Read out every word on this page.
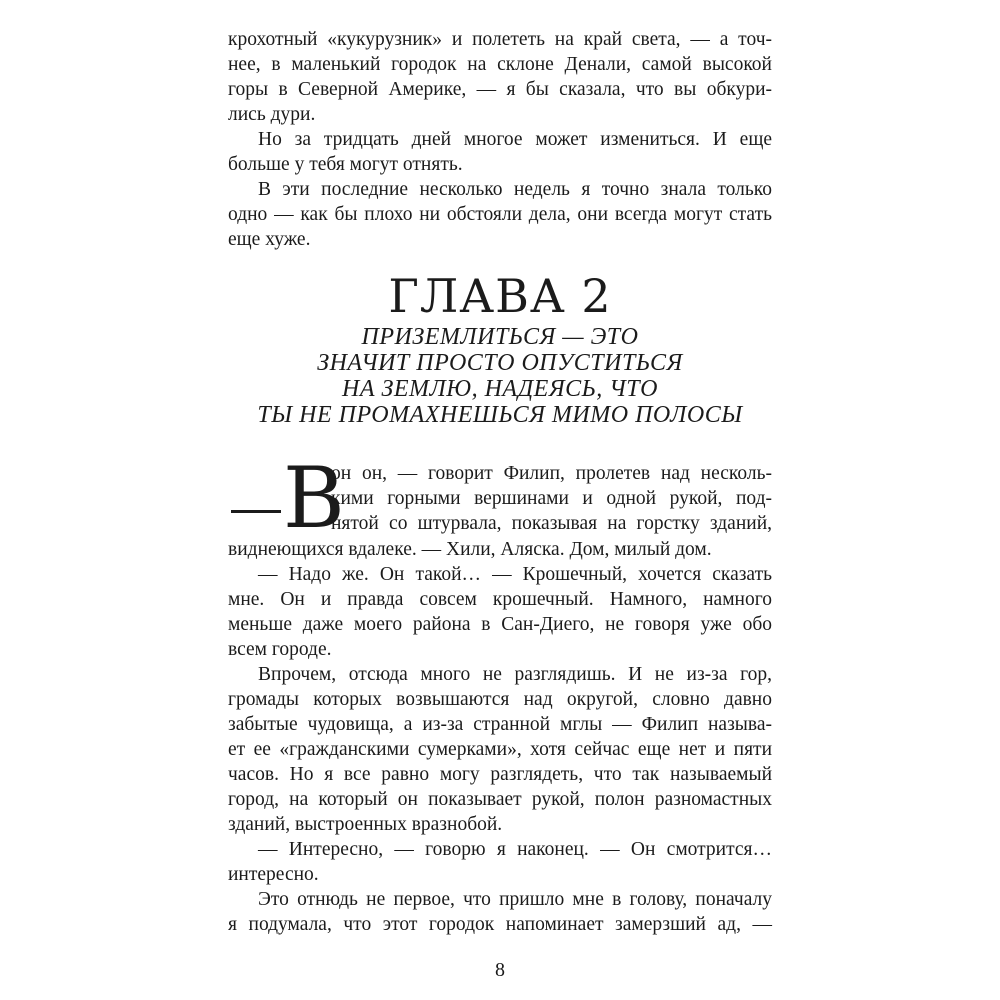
крохотный «кукурузник» и полететь на край света, — а точ-
нее, в маленький городок на склоне Денали, самой высокой
горы в Северной Америке, — я бы сказала, что вы обкури-
лись дури.
Но за тридцать дней многое может измениться. И еще
больше у тебя могут отнять.
В эти последние несколько недель я точно знала только
одно — как бы плохо ни обстояли дела, они всегда могут стать
еще хуже.
ГЛАВА 2
ПРИЗЕМЛИТЬСЯ — ЭТО
ЗНАЧИТ ПРОСТО ОПУСТИТЬСЯ
НА ЗЕМЛЮ, НАДЕЯСЬ, ЧТО
ТЫ НЕ ПРОМАХНЕШЬСЯ МИМО ПОЛОСЫ
В
он он, — говорит Филип, пролетев над несколь-
кими горными вершинами и одной рукой, под-
нятой со штурвала, показывая на горстку зданий,
виднеющихся вдалеке. — Хили, Аляска. Дом, милый дом.
— Надо же. Он такой… — Крошечный, хочется сказать
мне. Он и правда совсем крошечный. Намного, намного
меньше даже моего района в Сан-Диего, не говоря уже обо
всем городе.
Впрочем, отсюда много не разглядишь. И не из-за гор,
громады которых возвышаются над округой, словно давно
забытые чудовища, а из-за странной мглы — Филип называ-
ет ее «гражданскими сумерками», хотя сейчас еще нет и пяти
часов. Но я все равно могу разглядеть, что так называемый
город, на который он показывает рукой, полон разномастных
зданий, выстроенных вразнобой.
— Интересно, — говорю я наконец. — Он смотрится…
интересно.
Это отнюдь не первое, что пришло мне в голову, поначалу
я подумала, что этот городок напоминает замерзший ад, —
8
